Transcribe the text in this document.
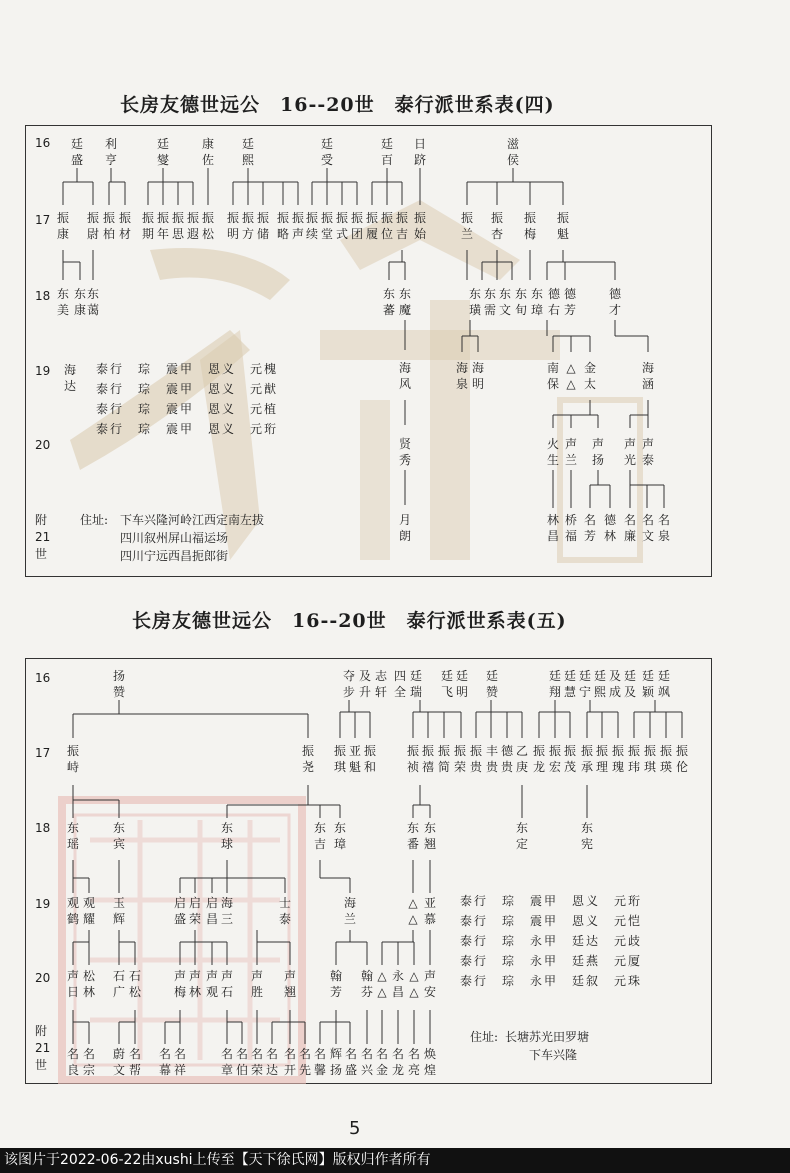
长房友德世远公　16--20世　泰行派世系表(四)
16
17
18
19
20
附
21
世
廷
盛
利
亨
廷
燮
康
佐
廷
熙
廷
受
廷
百
日
跻
滋
侯
振
康
振
尉
振
柏
振
材
振
期
振
年
振
思
振
遐
振
松
振
明
振
方
振
储
振
略
振
声
振
续
振
堂
振
式
振
团
振
履
振
位
振
吉
振
始
振
兰
振
杏
振
梅
振
魁
东
美
东
康
东
蔼
东
蕃
东
魔
东
璜
东
需
东
文
东
旬
东
璋
德
右
德
芳
德
才
海
达
泰行　琮　震甲　恩义　元槐
泰行　琮　震甲　恩义　元猷
泰行　琮　震甲　恩义　元植
泰行　琮　震甲　恩义　元珩
海
风
海
泉
海
明
南
保
△
△
金
太
海
涵
贤
秀
火
生
声
兰
声
扬
声
光
声
泰
月
朗
林
昌
桥
福
名
芳
德
林
名
廉
名
文
名
泉
住址: 下车兴隆河岭江西定南左拔
四川叙州屏山福运场
四川宁远西昌扼郎街
长房友德世远公　16--20世　泰行派世系表(五)
16
17
18
19
20
附
21
世
扬
赞
夺
步
及
升
志
轩
四
全
廷
瑞
廷
飞
廷
明
廷
赞
廷
翔
廷
慧
廷
宁
廷
熙
及
成
廷
及
廷
颖
廷
飒
振
峙
振
尧
振
琪
亚
魁
振
和
振
祯
振
禧
振
简
振
荣
振
贵
丰
贵
德
贵
乙
庚
振
龙
振
宏
振
茂
振
承
振
理
振
瑰
振
玮
振
琪
振
瑛
振
伦
东
瑶
东
宾
东
球
东
吉
东
璋
东
番
东
翘
东
定
东
宪
观
鹤
观
耀
玉
辉
启
盛
启
荣
启
昌
海
三
士
泰
海
兰
△
△
亚
慕
泰行　琮　震甲　恩义　元珩
泰行　琮　震甲　恩义　元恺
泰行　琮　永甲　廷达　元歧
泰行　琮　永甲　廷燕　元厦
泰行　琮　永甲　廷叙　元珠
声
日
松
林
石
广
石
松
声
梅
声
林
声
观
声
石
声
胜
声
翘
翰
芳
翰
芬
△
△
永
昌
△
△
声
安
名
良
名
宗
蔚
文
名
帮
名
幕
名
祥
名
章
名
伯
名
荣
名
达
名
开
名
先
名
馨
辉
扬
名
盛
名
兴
名
金
名
龙
名
亮
焕
煌
住址: 长塘苏光田罗塘
　　下车兴隆
5
该图片于2022-06-22由xushi上传至【天下徐氏网】版权归作者所有
